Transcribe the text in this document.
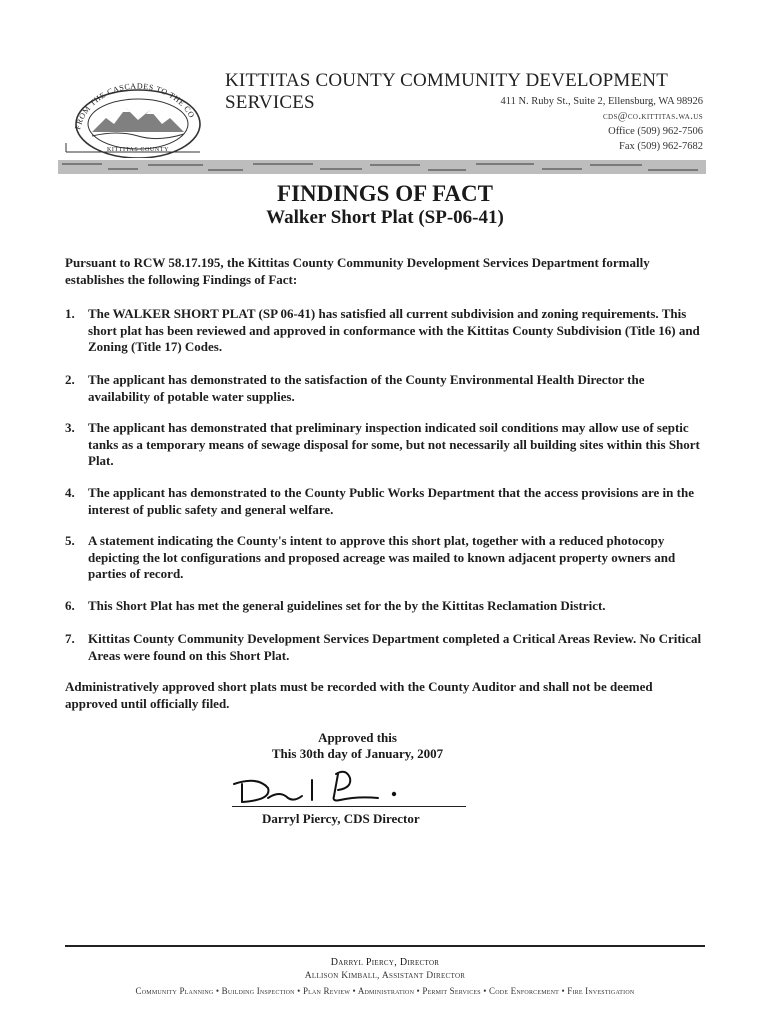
FROM THE CASCADES TO THE CO
KITTITAS COUNTY
KITTITAS COUNTY COMMUNITY DEVELOPMENT SERVICES	411 N. Ruby St., Suite 2, Ellensburg, WA 98926
cds@co.kittitas.wa.us
Office (509) 962-7506
Fax (509) 962-7682
FINDINGS OF FACT
Walker Short Plat (SP-06-41)
Pursuant to RCW 58.17.195, the Kittitas County Community Development Services Department formally establishes the following Findings of Fact:
1.	The WALKER SHORT PLAT (SP 06-41) has satisfied all current subdivision and zoning requirements. This short plat has been reviewed and approved in conformance with the Kittitas County Subdivision (Title 16) and Zoning (Title 17) Codes.
2.	The applicant has demonstrated to the satisfaction of the County Environmental Health Director the availability of potable water supplies.
3.	The applicant has demonstrated that preliminary inspection indicated soil conditions may allow use of septic tanks as a temporary means of sewage disposal for some, but not necessarily all building sites within this Short Plat.
4.	The applicant has demonstrated to the County Public Works Department that the access provisions are in the interest of public safety and general welfare.
5.	A statement indicating the County's intent to approve this short plat, together with a reduced photocopy depicting the lot configurations and proposed acreage was mailed to known adjacent property owners and parties of record.
6.	This Short Plat has met the general guidelines set for the by the Kittitas Reclamation District.
7.	Kittitas County Community Development Services Department completed a Critical Areas Review. No Critical Areas were found on this Short Plat.
Administratively approved short plats must be recorded with the County Auditor and shall not be deemed approved until officially filed.
Approved this
This 30th day of January, 2007
Darryl Piercy, CDS Director
Darryl Piercy, Director
Allison Kimball, Assistant Director
Community Planning • Building Inspection • Plan Review • Administration • Permit Services • Code Enforcement • Fire Investigation
